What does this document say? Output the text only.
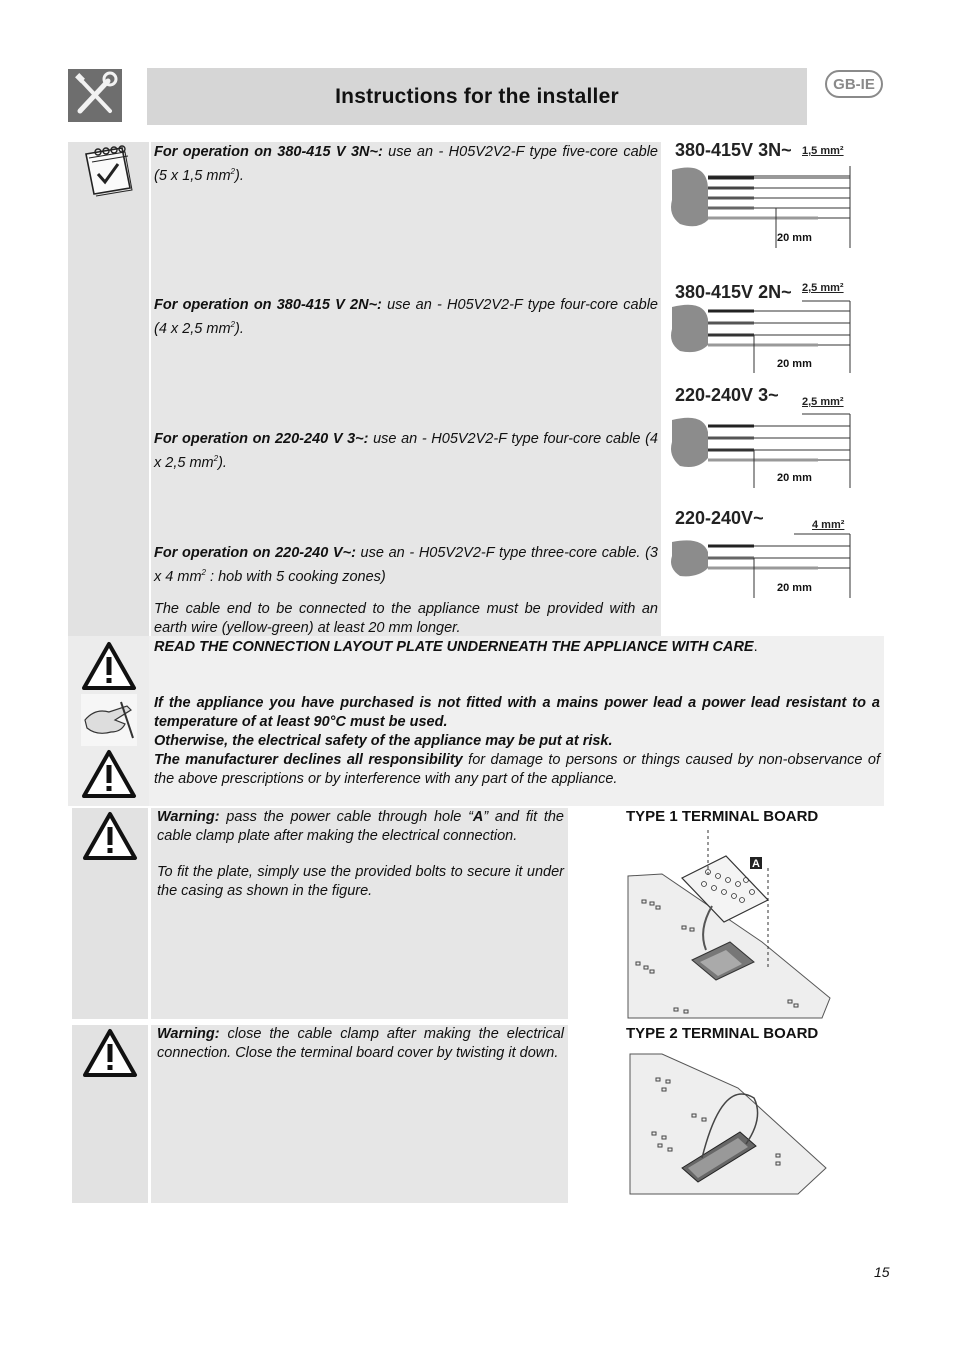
Instructions for the installer
GB-IE
For operation on 380-415 V 3N~: use an - H05V2V2-F type five-core cable (5 x 1,5 $mm^2$).
For operation on 380-415 V 2N~: use an - H05V2V2-F type four-core cable (4 x 2,5 $mm^2$).
For operation on 220-240 V 3~: use an - H05V2V2-F type four-core cable (4 x 2,5 $mm^2$).
For operation on 220-240 V~: use an - H05V2V2-F type three-core cable. (3 x 4 $mm^2$ : hob with 5 cooking zones)
The cable end to be connected to the appliance must be provided with an earth wire (yellow-green) at least 20 mm longer.
380-415V 3N~ 1,5 mm²
20 mm
380-415V 2N~ 2,5 mm²
20 mm
220-240V 3~ 2,5 mm²
20 mm
220-240V~	4 mm²
20 mm
READ THE CONNECTION LAYOUT PLATE UNDERNEATH THE APPLIANCE WITH CARE.
If the appliance you have purchased is not fitted with a mains power lead a power lead resistant to a temperature of at least 90°C must be used.
Otherwise, the electrical safety of the appliance may be put at risk.
The manufacturer declines all responsibility for damage to persons or things caused by non-observance of the above prescriptions or by interference with any part of the appliance.
Warning: pass the power cable through hole “A” and fit the cable clamp plate after making the electrical connection.
To fit the plate, simply use the provided bolts to secure it under the casing as shown in the figure.
TYPE 1 TERMINAL BOARD
A
Warning: close the cable clamp after making the electrical connection. Close the terminal board cover by twisting it down.
TYPE 2 TERMINAL BOARD
15
